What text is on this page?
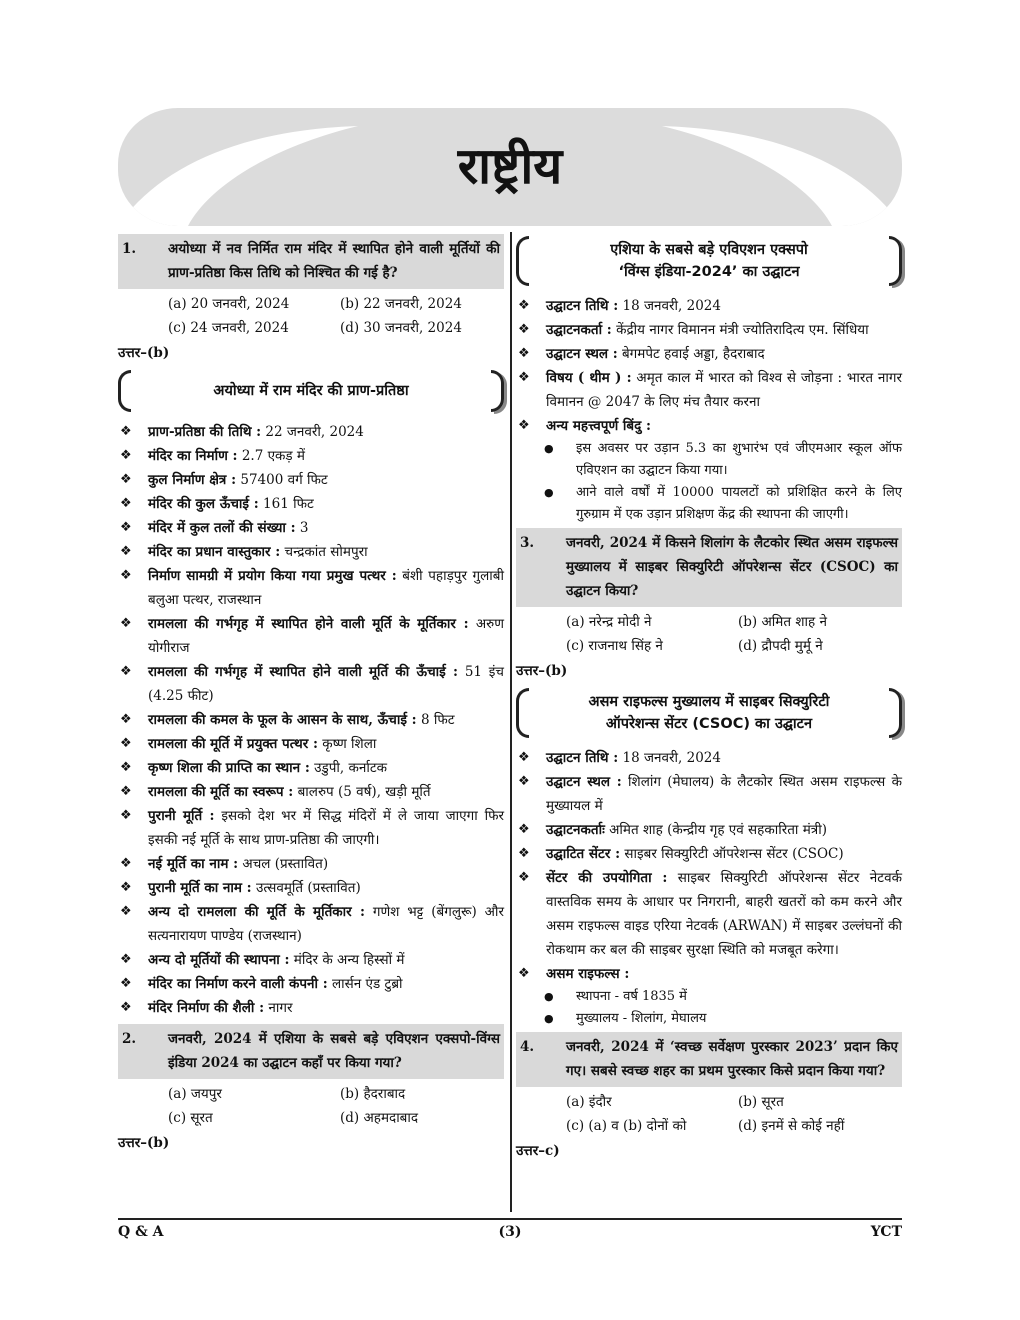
राष्ट्रीय
1.	अयोध्या में नव निर्मित राम मंदिर में स्थापित होने वाली मूर्तियों की प्राण-प्रतिष्ठा किस तिथि को निश्चित की गई है?
(a) 20 जनवरी, 2024	(b) 22 जनवरी, 2024
(c) 24 जनवरी, 2024	(d) 30 जनवरी, 2024
उत्तर–(b)
अयोध्या में राम मंदिर की प्राण-प्रतिष्ठा
❖	प्राण-प्रतिष्ठा की तिथि : 22 जनवरी, 2024
❖	मंदिर का निर्माण : 2.7 एकड़ में
❖	कुल निर्माण क्षेत्र : 57400 वर्ग फिट
❖	मंदिर की कुल ऊँचाई : 161 फिट
❖	मंदिर में कुल तलों की संख्या : 3
❖	मंदिर का प्रधान वास्तुकार : चन्द्रकांत सोमपुरा
❖	निर्माण सामग्री में प्रयोग किया गया प्रमुख पत्थर : बंशी पहाड़पुर गुलाबी बलुआ पत्थर, राजस्थान
❖	रामलला की गर्भगृह में स्थापित होने वाली मूर्ति के मूर्तिकार : अरुण योगीराज
❖	रामलला की गर्भगृह में स्थापित होने वाली मूर्ति की ऊँचाई : 51 इंच (4.25 फीट)
❖	रामलला की कमल के फूल के आसन के साथ, ऊँचाई : 8 फिट
❖	रामलला की मूर्ति में प्रयुक्त पत्थर : कृष्ण शिला
❖	कृष्ण शिला की प्राप्ति का स्थान : उडुपी, कर्नाटक
❖	रामलला की मूर्ति का स्वरूप : बालरुप (5 वर्ष), खड़ी मूर्ति
❖	पुरानी मूर्ति : इसको देश भर में सिद्ध मंदिरों में ले जाया जाएगा फिर इसकी नई मूर्ति के साथ प्राण-प्रतिष्ठा की जाएगी।
❖	नई मूर्ति का नाम : अचल (प्रस्तावित)
❖	पुरानी मूर्ति का नाम : उत्सवमूर्ति (प्रस्तावित)
❖	अन्य दो रामलला की मूर्ति के मूर्तिकार : गणेश भट्ट (बेंगलुरू) और सत्यनारायण पाण्डेय (राजस्थान)
❖	अन्य दो मूर्तियों की स्थापना : मंदिर के अन्य हिस्सों में
❖	मंदिर का निर्माण करने वाली कंपनी : लार्सन एंड टुब्रो
❖	मंदिर निर्माण की शैली : नागर
2.	जनवरी, 2024 में एशिया के सबसे बड़े एविएशन एक्सपो-विंग्स इंडिया 2024 का उद्घाटन कहाँ पर किया गया?
(a) जयपुर	(b) हैदराबाद
(c) सूरत	(d) अहमदाबाद
उत्तर–(b)
एशिया के सबसे बड़े एविएशन एक्सपो
‘विंग्स इंडिया-2024’ का उद्घाटन
❖	उद्घाटन तिथि : 18 जनवरी, 2024
❖	उद्घाटनकर्ता : केंद्रीय नागर विमानन मंत्री ज्योतिरादित्य एम. सिंधिया
❖	उद्घाटन स्थल : बेगमपेट हवाई अड्डा, हैदराबाद
❖	विषय ( थीम ) : अमृत काल में भारत को विश्व से जोड़ना : भारत नागर विमानन @ 2047 के लिए मंच तैयार करना
❖	अन्य महत्त्वपूर्ण बिंदु :
●	इस अवसर पर उड़ान 5.3 का शुभारंभ एवं जीएमआर स्कूल ऑफ एविएशन का उद्घाटन किया गया।
●	आने वाले वर्षों में 10000 पायलटों को प्रशिक्षित करने के लिए गुरुग्राम में एक उड़ान प्रशिक्षण केंद्र की स्थापना की जाएगी।
3.	जनवरी, 2024 में किसने शिलांग के लैटकोर स्थित असम राइफल्स मुख्यालय में साइबर सिक्युरिटी ऑपरेशन्स सेंटर (CSOC) का उद्घाटन किया?
(a) नरेन्द्र मोदी ने	(b) अमित शाह ने
(c) राजनाथ सिंह ने	(d) द्रौपदी मुर्मू ने
उत्तर–(b)
असम राइफल्स मुख्यालय में साइबर सिक्युरिटी
ऑपरेशन्स सेंटर (CSOC) का उद्घाटन
❖	उद्घाटन तिथि : 18 जनवरी, 2024
❖	उद्घाटन स्थल : शिलांग (मेघालय) के लैटकोर स्थित असम राइफल्स के मुख्यायल में
❖	उद्घाटनकर्ताः अमित शाह (केन्द्रीय गृह एवं सहकारिता मंत्री)
❖	उद्घाटित सेंटर : साइबर सिक्युरिटी ऑपरेशन्स सेंटर (CSOC)
❖	सेंटर की उपयोगिता : साइबर सिक्युरिटी ऑपरेशन्स सेंटर नेटवर्क वास्तविक समय के आधार पर निगरानी, बाहरी खतरों को कम करने और असम राइफल्स वाइड एरिया नेटवर्क (ARWAN) में साइबर उल्लंघनों की रोकथाम कर बल की साइबर सुरक्षा स्थिति को मजबूत करेगा।
❖	असम राइफल्स :
●	स्थापना - वर्ष 1835 में
●	मुख्यालय - शिलांग, मेघालय
4.	जनवरी, 2024 में ‘स्वच्छ सर्वेक्षण पुरस्कार 2023’ प्रदान किए गए। सबसे स्वच्छ शहर का प्रथम पुरस्कार किसे प्रदान किया गया?
(a) इंदौर	(b) सूरत
(c) (a) व (b) दोनों को	(d) इनमें से कोई नहीं
उत्तर–c)
Q & A	(3)	YCT
